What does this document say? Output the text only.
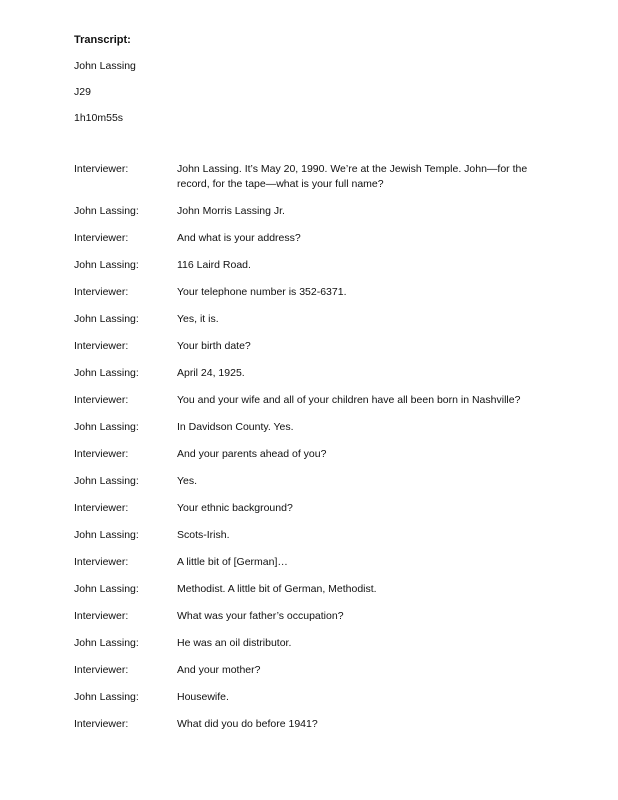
Transcript:
John Lassing
J29
1h10m55s
Interviewer:	John Lassing. It’s May 20, 1990. We’re at the Jewish Temple. John—for the record, for the tape—what is your full name?
John Lassing:	John Morris Lassing Jr.
Interviewer:	And what is your address?
John Lassing:	116 Laird Road.
Interviewer:	Your telephone number is 352-6371.
John Lassing:	Yes, it is.
Interviewer:	Your birth date?
John Lassing:	April 24, 1925.
Interviewer:	You and your wife and all of your children have all been born in Nashville?
John Lassing:	In Davidson County. Yes.
Interviewer:	And your parents ahead of you?
John Lassing:	Yes.
Interviewer:	Your ethnic background?
John Lassing:	Scots-Irish.
Interviewer:	A little bit of [German]…
John Lassing:	Methodist. A little bit of German, Methodist.
Interviewer:	What was your father’s occupation?
John Lassing:	He was an oil distributor.
Interviewer:	And your mother?
John Lassing:	Housewife.
Interviewer:	What did you do before 1941?
